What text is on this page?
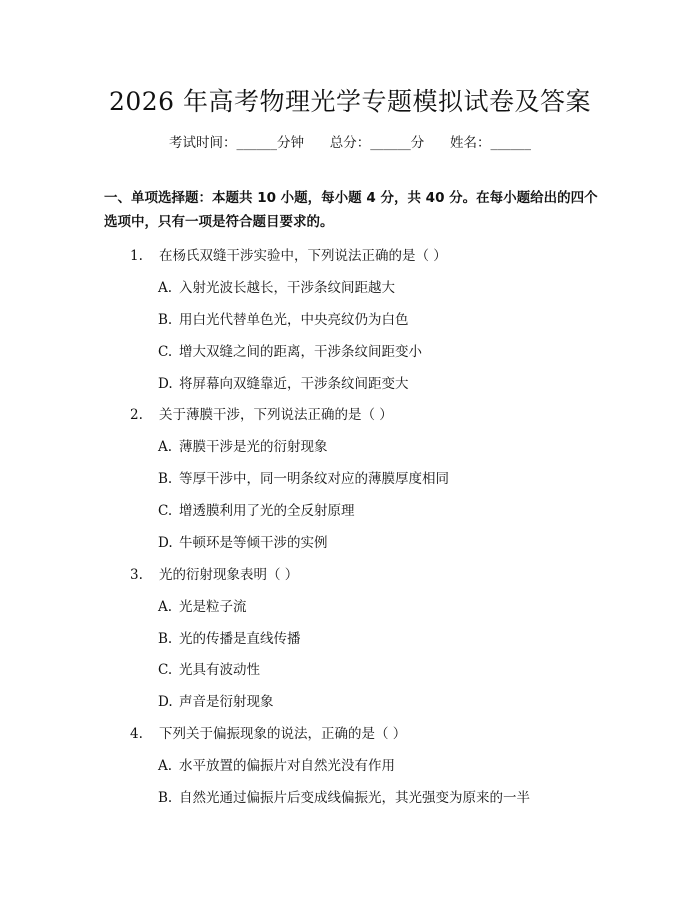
2026 年高考物理光学专题模拟试卷及答案
考试时间：______分钟      总分：______分      姓名：______
一、单项选择题：本题共 10 小题，每小题 4 分，共 40 分。在每小题给出的四个选项中，只有一项是符合题目要求的。
1. 在杨氏双缝干涉实验中，下列说法正确的是（ ）
A. 入射光波长越长，干涉条纹间距越大
B. 用白光代替单色光，中央亮纹仍为白色
C. 增大双缝之间的距离，干涉条纹间距变小
D. 将屏幕向双缝靠近，干涉条纹间距变大
2. 关于薄膜干涉，下列说法正确的是（ ）
A. 薄膜干涉是光的衍射现象
B. 等厚干涉中，同一明条纹对应的薄膜厚度相同
C. 增透膜利用了光的全反射原理
D. 牛顿环是等倾干涉的实例
3. 光的衍射现象表明（ ）
A. 光是粒子流
B. 光的传播是直线传播
C. 光具有波动性
D. 声音是衍射现象
4. 下列关于偏振现象的说法，正确的是（ ）
A. 水平放置的偏振片对自然光没有作用
B. 自然光通过偏振片后变成线偏振光，其光强变为原来的一半
